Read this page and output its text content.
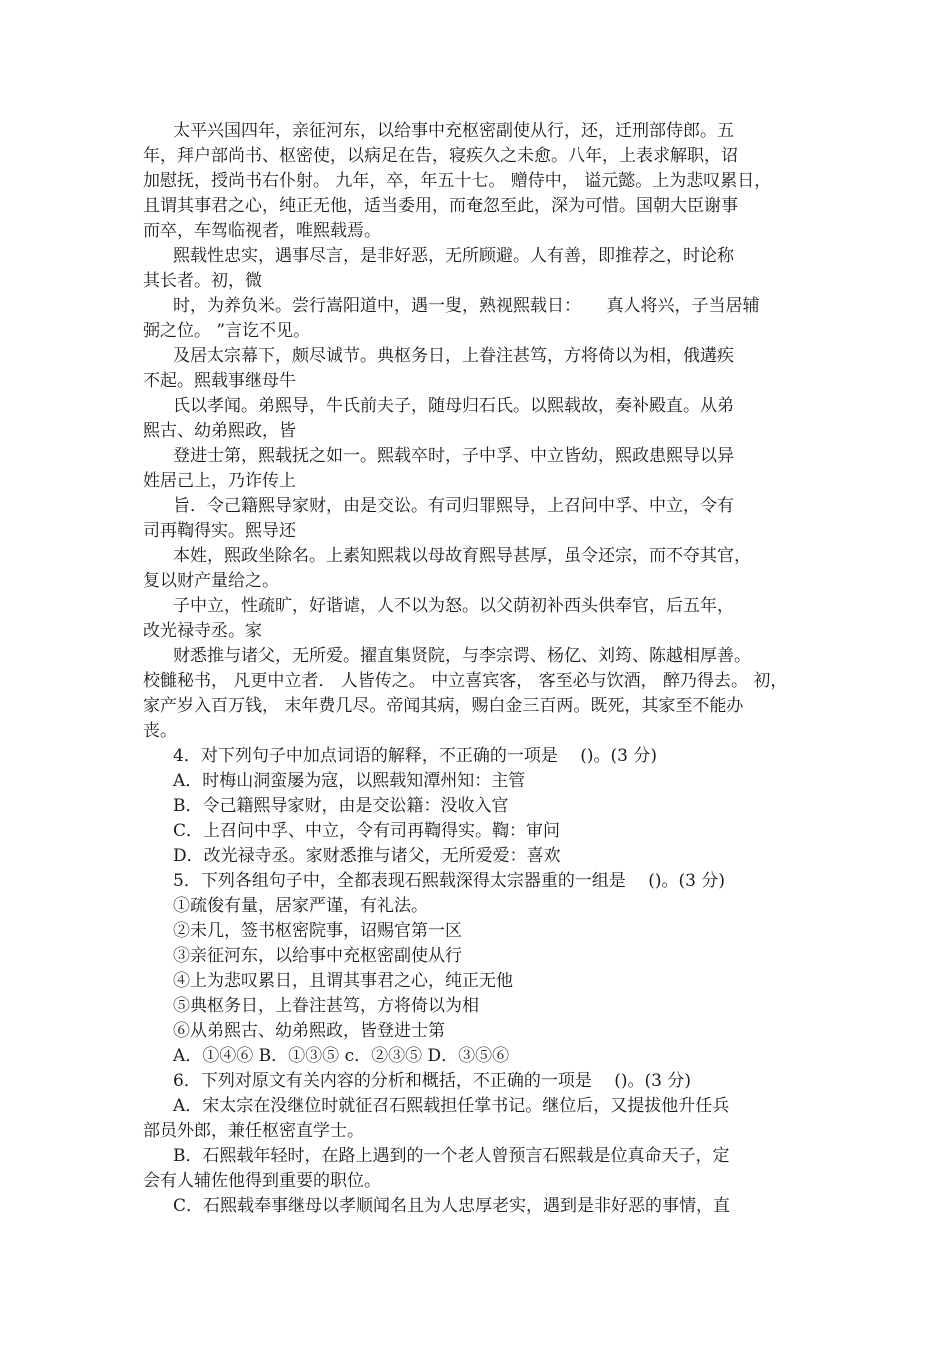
太平兴国四年，亲征河东，以给事中充枢密副使从行，还，迁刑部侍郎。五
年，拜户部尚书、枢密使，以病足在告，寝疾久之未愈。八年，上表求解职，诏
加慰抚，授尚书右仆射。 九年，卒，年五十七。 赠侍中， 谥元懿。上为悲叹累日，
且谓其事君之心，纯正无他，适当委用，而奄忽至此，深为可惜。国朝大臣谢事
而卒，车驾临视者，唯熙载焉。
熙载性忠实，遇事尽言，是非好恶，无所顾避。人有善，即推荐之，时论称
其长者。初，微
时，为养负米。尝行嵩阳道中，遇一叟，熟视熙载日：　　真人将兴，子当居辅
弼之位。 ”言讫不见。
及居太宗幕下，颇尽诚节。典枢务日，上眷注甚笃，方将倚以为相，俄遘疾
不起。熙载事继母牛
氏以孝闻。弟熙导，牛氏前夫子，随母归石氏。以熙载故，奏补殿直。从弟
熙古、幼弟熙政，皆
登进士第，熙载抚之如一。熙载卒时，子中孚、中立皆幼，熙政患熙导以异
姓居己上，乃诈传上
旨．令己籍熙导家财，由是交讼。有司归罪熙导，上召问中孚、中立，令有
司再鞫得实。熙导还
本姓，熙政坐除名。上素知熙栽以母故育熙导甚厚，虽令还宗，而不夺其官，
复以财产量给之。
子中立，性疏旷，好谐谑，人不以为怒。以父荫初补西头供奉官，后五年，
改光禄寺丞。家
财悉推与诸父，无所爱。擢直集贤院，与李宗谔、杨亿、刘筠、陈越相厚善。
校雠秘书， 凡更中立者． 人皆传之。 中立喜宾客， 客至必与饮酒， 醉乃得去。 初，
家产岁入百万钱， 末年费几尽。帝闻其病，赐白金三百两。既死，其家至不能办
丧。
4．对下列句子中加点词语的解释，不正确的一项是　 ()。(3 分)
A．时梅山洞蛮屡为寇，以熙载知潭州知：主管
B．令己籍熙导家财，由是交讼籍：没收入官
C．上召问中孚、中立，令有司再鞫得实。鞫：审问
D．改光禄寺丞。家财悉推与诸父，无所爱爱：喜欢
5．下列各组句子中，全都表现石熙载深得太宗器重的一组是　 ()。(3 分)
①疏俊有量，居家严谨，有礼法。
②未几，签书枢密院事，诏赐官第一区
③亲征河东，以给事中充枢密副使从行
④上为悲叹累日，且谓其事君之心，纯正无他
⑤典枢务日，上眷注甚笃，方将倚以为相
⑥从弟熙古、幼弟熙政，皆登进士第
A．①④⑥ B．①③⑤ c．②③⑤ D．③⑤⑥
6．下列对原文有关内容的分析和概括，不正确的一项是　 ()。(3 分)
A．宋太宗在没继位时就征召石熙载担任掌书记。继位后，又提拔他升任兵
部员外郎，兼任枢密直学士。
B．石熙载年轻时，在路上遇到的一个老人曾预言石熙载是位真命天子，定
会有人辅佐他得到重要的职位。
C．石熙载奉事继母以孝顺闻名且为人忠厚老实，遇到是非好恶的事情，直
